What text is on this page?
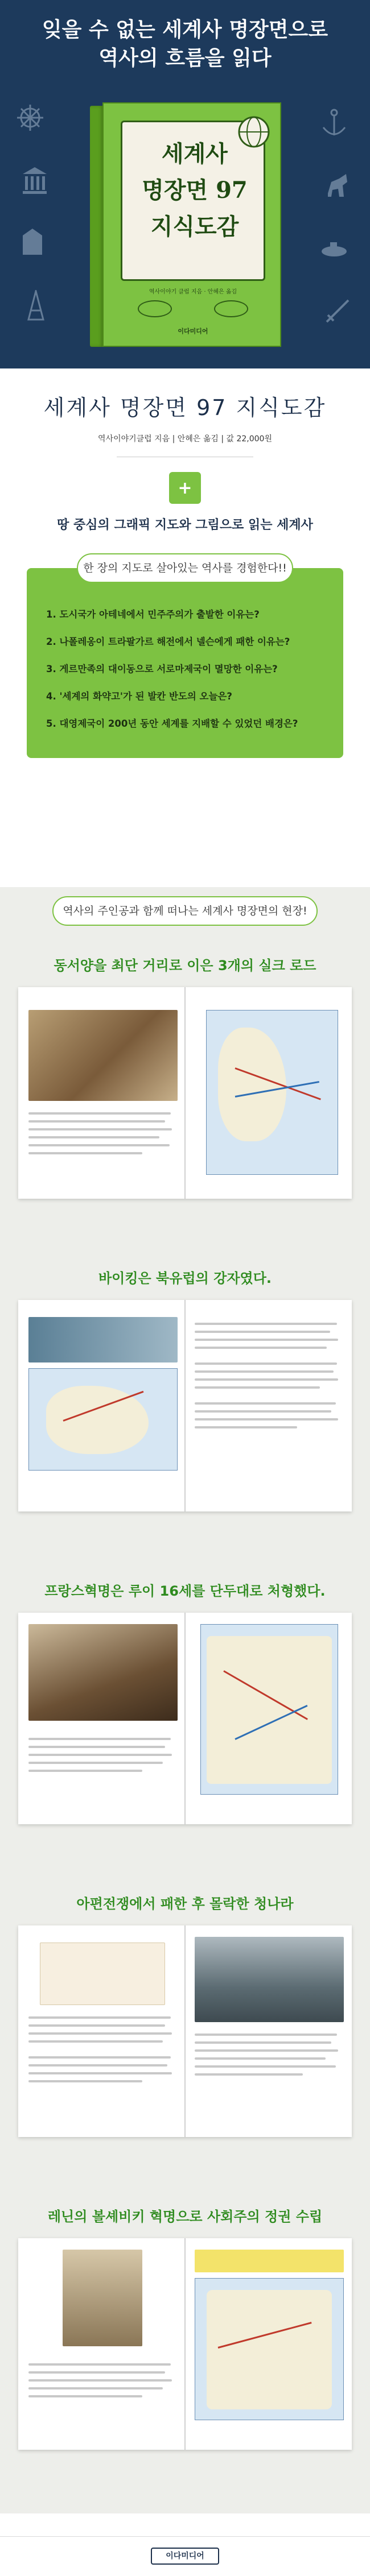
잊을 수 없는 세계사 명장면으로
역사의 흐름을 읽다
세계사
명장면 97
지식도감
역사이야기 클럽 지음 · 안혜은 옮김
이다미디어
세계사 명장면 97 지식도감
역사이야기클럽 지음 | 안혜은 옮김 | 값 22,000원
+
땅 중심의 그래픽 지도와 그림으로 읽는 세계사
한 장의 지도로 살아있는 역사를 경험한다!!
1. 도시국가 아테네에서 민주주의가 출발한 이유는?
2. 나폴레옹이 트라팔가르 해전에서 넬슨에게 패한 이유는?
3. 게르만족의 대이동으로 서로마제국이 멸망한 이유는?
4. '세계의 화약고'가 된 발칸 반도의 오늘은?
5. 대영제국이 200년 동안 세계를 지배할 수 있었던 배경은?
역사의 주인공과 함께 떠나는 세계사 명장면의 현장!
동서양을 최단 거리로 이은 3개의 실크 로드
바이킹은 북유럽의 강자였다.
프랑스혁명은 루이 16세를 단두대로 처형했다.
아편전쟁에서 패한 후 몰락한 청나라
레닌의 볼셰비키 혁명으로 사회주의 정권 수립
이다미디어
